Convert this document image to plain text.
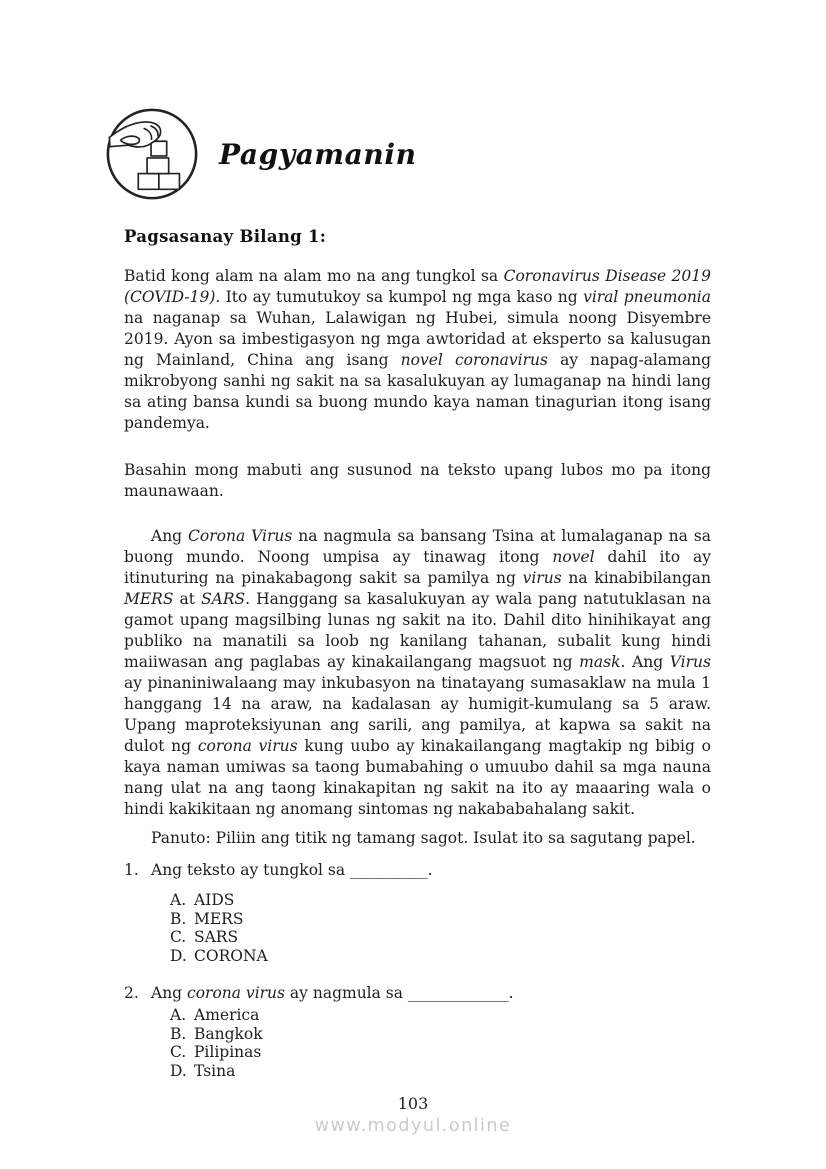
Pagyamanin
Pagsasanay Bilang 1:

Batid kong alam na alam mo na ang tungkol sa Coronavirus Disease 2019 (COVID-19). Ito ay tumutukoy sa kumpol ng mga kaso ng viral pneumonia na naganap sa Wuhan, Lalawigan ng Hubei, simula noong Disyembre 2019. Ayon sa imbestigasyon ng mga awtoridad at eksperto sa kalusugan ng Mainland, China ang isang novel coronavirus ay napag-alamang mikrobyong sanhi ng sakit na sa kasalukuyan ay lumaganap na hindi lang sa ating bansa kundi sa buong mundo kaya naman tinagurian itong isang pandemya.

Basahin mong mabuti ang susunod na teksto upang lubos mo pa itong maunawaan.

Ang Corona Virus na nagmula sa bansang Tsina at lumalaganap na sa buong mundo. Noong umpisa ay tinawag itong novel dahil ito ay itinuturing na pinakabagong sakit sa pamilya ng virus na kinabibilangan MERS at SARS. Hanggang sa kasalukuyan ay wala pang natutuklasan na gamot upang magsilbing lunas ng sakit na ito. Dahil dito hinihikayat ang publiko na manatili sa loob ng kanilang tahanan, subalit kung hindi maiiwasan ang paglabas ay kinakailangang magsuot ng mask. Ang Virus ay pinaniniwalaang may inkubasyon na tinatayang sumasaklaw na mula 1 hanggang 14 na araw, na kadalasan ay humigit-kumulang sa 5 araw. Upang maproteksiyunan ang sarili, ang pamilya, at kapwa sa sakit na dulot ng corona virus kung uubo ay kinakailangang magtakip ng bibig o kaya naman umiwas sa taong bumabahing o umuubo dahil sa mga nauna nang ulat na ang taong kinakapitan ng sakit na ito ay maaaring wala o hindi kakikitaan ng anomang sintomas ng nakababahalang sakit.

Panuto: Piliin ang titik ng tamang sagot. Isulat ito sa sagutang papel.

1. Ang teksto ay tungkol sa __________.
A. AIDS
B. MERS
C. SARS
D. CORONA
2. Ang corona virus ay nagmula sa _____________.
A. America
B. Bangkok
C. Pilipinas
D. Tsina
103
www.modyul.online
